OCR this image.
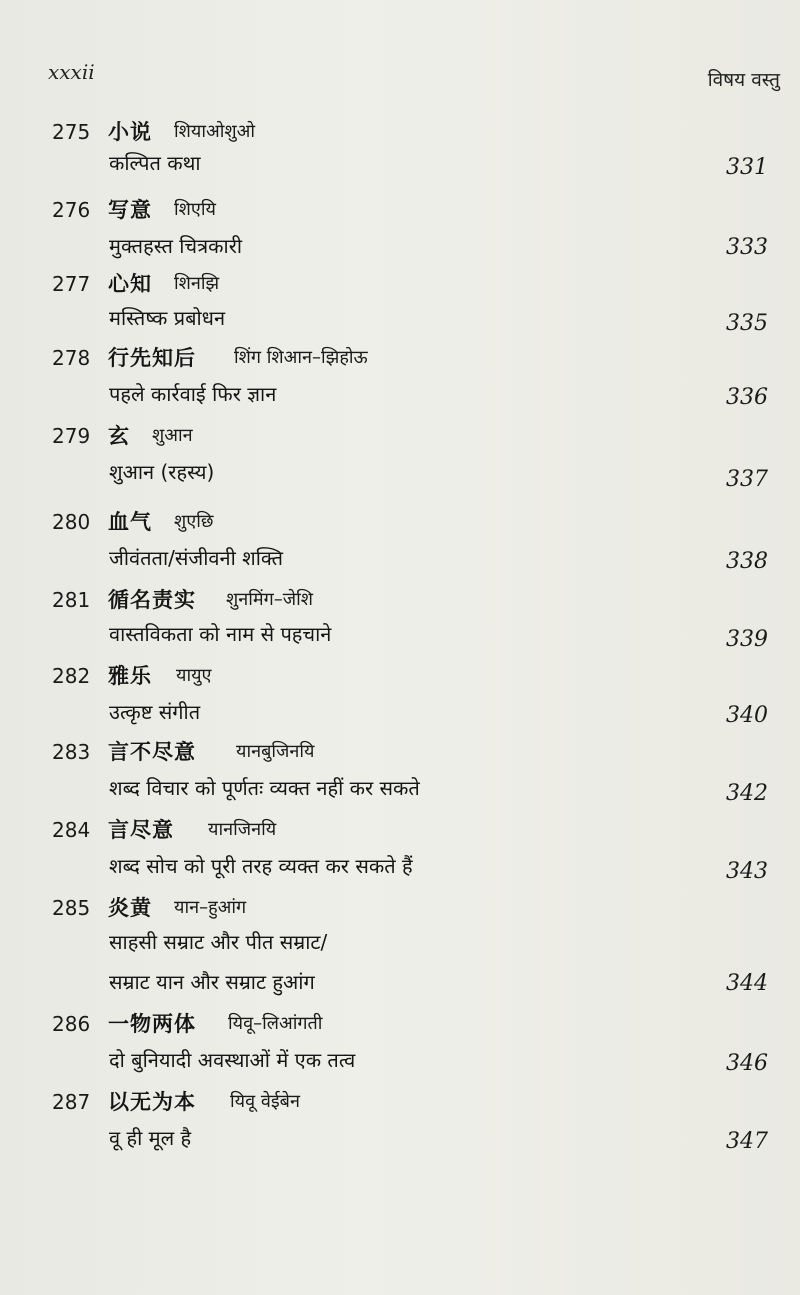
xxxii	विषय वस्तु
275 小说 शियाओशुओ
कल्पित कथा	331
276 写意 शिएयि
मुक्तहस्त चित्रकारी	333
277 心知 शिनझि
मस्तिष्क प्रबोधन	335
278 行先知后 शिंग शिआन–झिहोऊ
पहले कार्रवाई फिर ज्ञान	336
279 玄 शुआन
शुआन (रहस्य)	337
280 血气 शुएछि
जीवंतता/संजीवनी शक्ति	338
281 循名责实 शुनमिंग–जेशि
वास्तविकता को नाम से पहचाने	339
282 雅乐 यायुए
उत्कृष्ट संगीत	340
283 言不尽意 यानबुजिनयि
शब्द विचार को पूर्णतः व्यक्त नहीं कर सकते	342
284 言尽意 यानजिनयि
शब्द सोच को पूरी तरह व्यक्त कर सकते हैं	343
285 炎黄 यान–हुआंग
साहसी सम्राट और पीत सम्राट/
सम्राट यान और सम्राट हुआंग	344
286 一物两体 यिवू–लिआंगती
दो बुनियादी अवस्थाओं में एक तत्व	346
287 以无为本 यिवू वेईबेन
वू ही मूल है	347
